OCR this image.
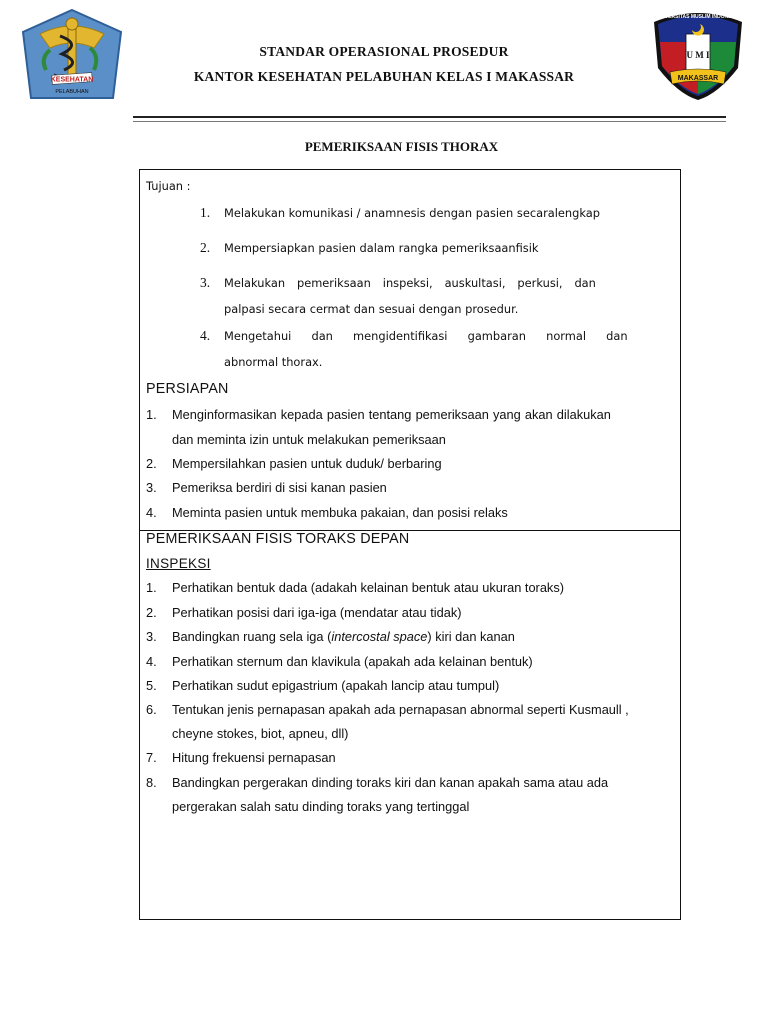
KESEHATAN
PELABUHAN
UNIVERSITAS MUSLIM INDONESIA
U M I
MAKASSAR
STANDAR OPERASIONAL PROSEDUR
KANTOR KESEHATAN PELABUHAN KELAS I MAKASSAR
PEMERIKSAAN FISIS THORAX
Tujuan :
1. Melakukan komunikasi / anamnesis dengan pasien secaralengkap
2. Mempersiapkan pasien dalam rangka pemeriksaanfisik
3. Melakukan pemeriksaan inspeksi, auskultasi, perkusi, dan
palpasi secara cermat dan sesuai dengan prosedur.
4. Mengetahui dan mengidentifikasi gambaran normal dan
abnormal thorax.
PERSIAPAN
1. Menginformasikan kepada pasien tentang pemeriksaan yang akan dilakukan
dan meminta izin untuk melakukan pemeriksaan
2. Mempersilahkan pasien untuk duduk/ berbaring
3. Pemeriksa berdiri di sisi kanan pasien
4. Meminta pasien untuk membuka pakaian, dan posisi relaks
PEMERIKSAAN FISIS TORAKS DEPAN
INSPEKSI
1. Perhatikan bentuk dada (adakah kelainan bentuk atau ukuran toraks)
2. Perhatikan posisi dari iga-iga (mendatar atau tidak)
3. Bandingkan ruang sela iga (intercostal space) kiri dan kanan
4. Perhatikan sternum dan klavikula (apakah ada kelainan bentuk)
5. Perhatikan sudut epigastrium (apakah lancip atau tumpul)
6. Tentukan jenis pernapasan apakah ada pernapasan abnormal seperti Kusmaull ,
cheyne stokes, biot, apneu, dll)
7. Hitung frekuensi pernapasan
8. Bandingkan pergerakan dinding toraks kiri dan kanan apakah sama atau ada
pergerakan salah satu dinding toraks yang tertinggal
